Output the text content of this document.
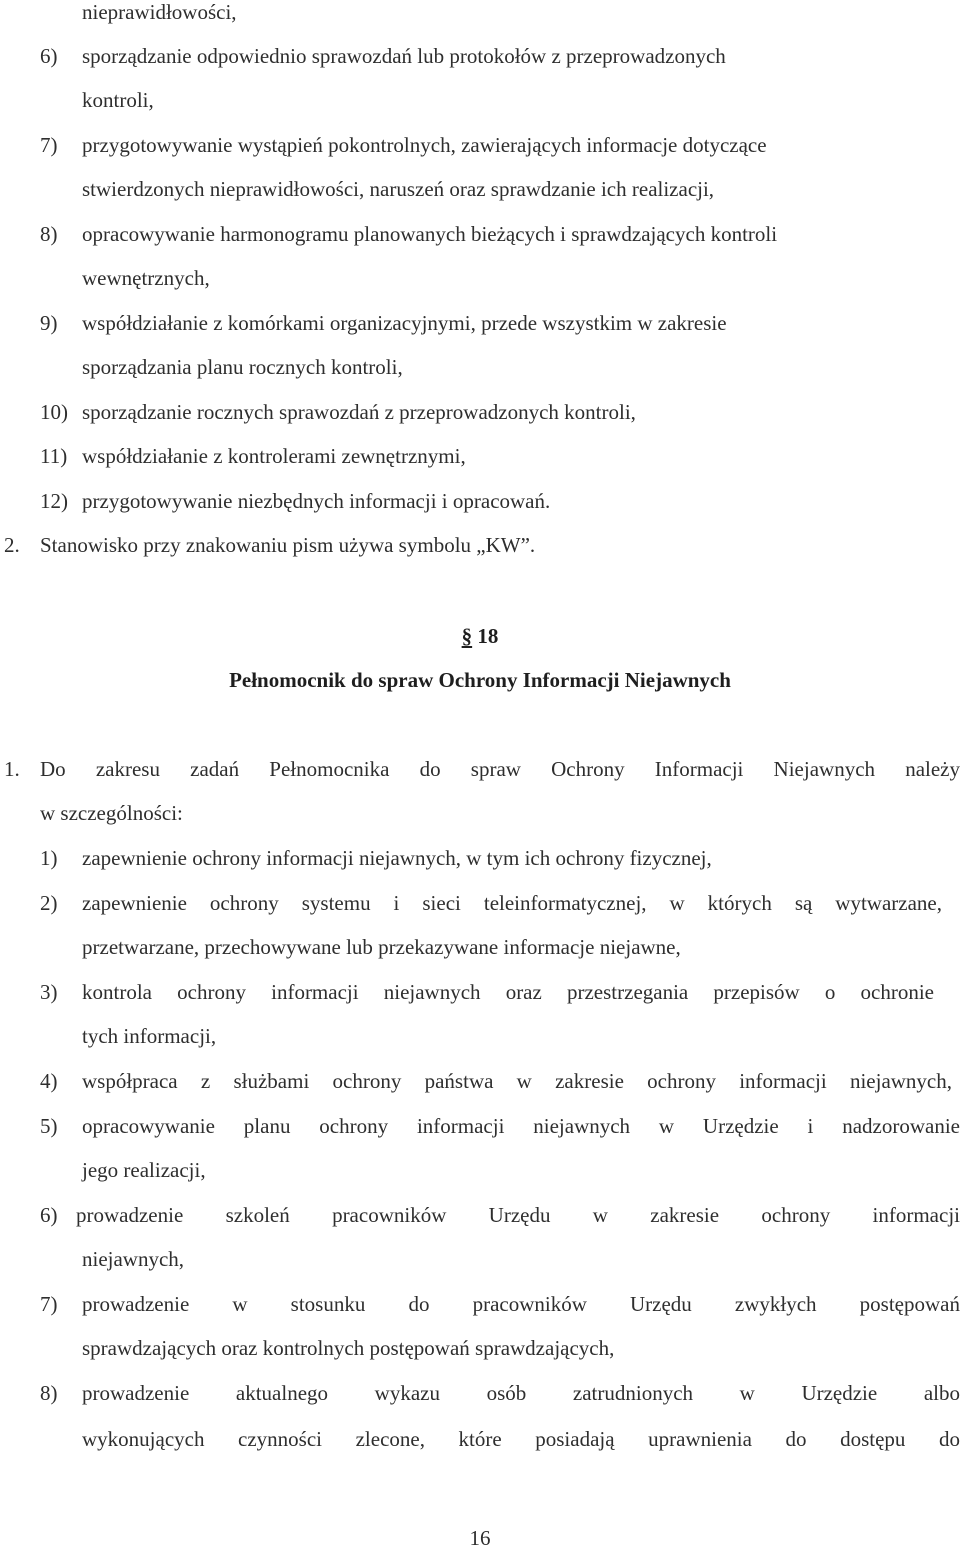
nieprawidłowości,
6) sporządzanie odpowiednio sprawozdań lub protokołów z przeprowadzonych
kontroli,
7) przygotowywanie wystąpień pokontrolnych, zawierających informacje dotyczące
stwierdzonych nieprawidłowości, naruszeń oraz sprawdzanie ich realizacji,
8) opracowywanie harmonogramu planowanych bieżących i sprawdzających kontroli
wewnętrznych,
9) współdziałanie z komórkami organizacyjnymi, przede wszystkim w zakresie
sporządzania planu rocznych kontroli,
10) sporządzanie rocznych sprawozdań z przeprowadzonych kontroli,
11) współdziałanie z kontrolerami zewnętrznymi,
12) przygotowywanie niezbędnych informacji i opracowań.
2. Stanowisko przy znakowaniu pism używa symbolu „KW”.
§ 18
Pełnomocnik do spraw Ochrony Informacji Niejawnych
1. Do zakresu zadań Pełnomocnika do spraw Ochrony Informacji Niejawnych należy
w szczególności:
1) zapewnienie ochrony informacji niejawnych, w tym ich ochrony fizycznej,
2) zapewnienie ochrony systemu i sieci teleinformatycznej, w których są wytwarzane,
przetwarzane, przechowywane lub przekazywane informacje niejawne,
3) kontrola ochrony informacji niejawnych oraz przestrzegania przepisów o ochronie
tych informacji,
4) współpraca z służbami ochrony państwa w zakresie ochrony informacji niejawnych,
5) opracowywanie planu ochrony informacji niejawnych w Urzędzie i nadzorowanie
jego realizacji,
6) prowadzenie szkoleń pracowników Urzędu w zakresie ochrony informacji
niejawnych,
7) prowadzenie w stosunku do pracowników Urzędu zwykłych postępowań
sprawdzających oraz kontrolnych postępowań sprawdzających,
8) prowadzenie aktualnego wykazu osób zatrudnionych w Urzędzie albo
wykonujących czynności zlecone, które posiadają uprawnienia do dostępu do
16
